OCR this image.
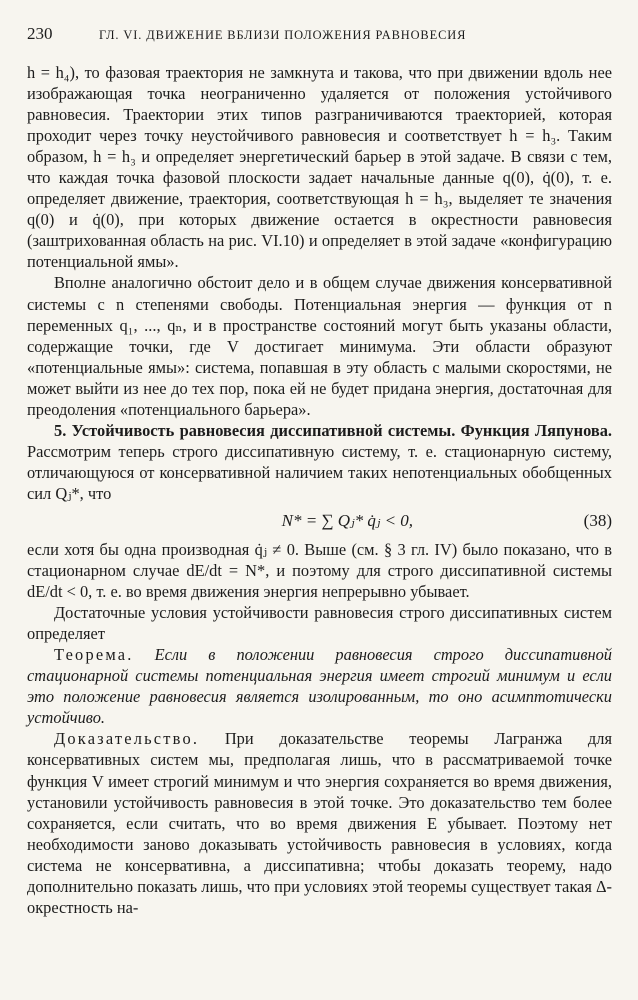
230	ГЛ. VI. ДВИЖЕНИЕ ВБЛИЗИ ПОЛОЖЕНИЯ РАВНОВЕСИЯ

h = h₄), то фазовая траектория не замкнута и такова, что при движении вдоль нее изображающая точка неограниченно удаляется от положения устойчивого равновесия. Траектории этих типов разграничиваются траекторией, которая проходит через точку неустойчивого равновесия и соответствует h = h₃. Таким образом, h = h₃ и определяет энергетический барьер в этой задаче. В связи с тем, что каждая точка фазовой плоскости задает начальные данные q(0), q̇(0), т. е. определяет движение, траектория, соответствующая h = h₃, выделяет те значения q(0) и q̇(0), при которых движение остается в окрестности равновесия (заштрихованная область на рис. VI.10) и определяет в этой задаче «конфигурацию потенциальной ямы».

Вполне аналогично обстоит дело и в общем случае движения консервативной системы с n степенями свободы. Потенциальная энергия — функция от n переменных q₁, ..., qₙ, и в пространстве состояний могут быть указаны области, содержащие точки, где V достигает минимума. Эти области образуют «потенциальные ямы»: система, попавшая в эту область с малыми скоростями, не может выйти из нее до тех пор, пока ей не будет придана энергия, достаточная для преодоления «потенциального барьера».

5. Устойчивость равновесия диссипативной системы. Функция Ляпунова. Рассмотрим теперь строго диссипативную систему, т. е. стационарную систему, отличающуюся от консервативной наличием таких непотенциальных обобщенных сил Qⱼ*, что

N* = ∑ Qⱼ* q̇ⱼ < 0,	(38)

если хотя бы одна производная q̇ⱼ ≠ 0. Выше (см. § 3 гл. IV) было показано, что в стационарном случае dE/dt = N*, и поэтому для строго диссипативной системы dE/dt < 0, т. е. во время движения энергия непрерывно убывает.

Достаточные условия устойчивости равновесия строго диссипативных систем определяет

Теорема. Если в положении равновесия строго диссипативной стационарной системы потенциальная энергия имеет строгий минимум и если это положение равновесия является изолированным, то оно асимптотически устойчиво.

Доказательство. При доказательстве теоремы Лагранжа для консервативных систем мы, предполагая лишь, что в рассматриваемой точке функция V имеет строгий минимум и что энергия сохраняется во время движения, установили устойчивость равновесия в этой точке. Это доказательство тем более сохраняется, если считать, что во время движения E убывает. Поэтому нет необходимости заново доказывать устойчивость равновесия в условиях, когда система не консервативна, а диссипативна; чтобы доказать теорему, надо дополнительно показать лишь, что при условиях этой теоремы существует такая Δ-окрестность на-
